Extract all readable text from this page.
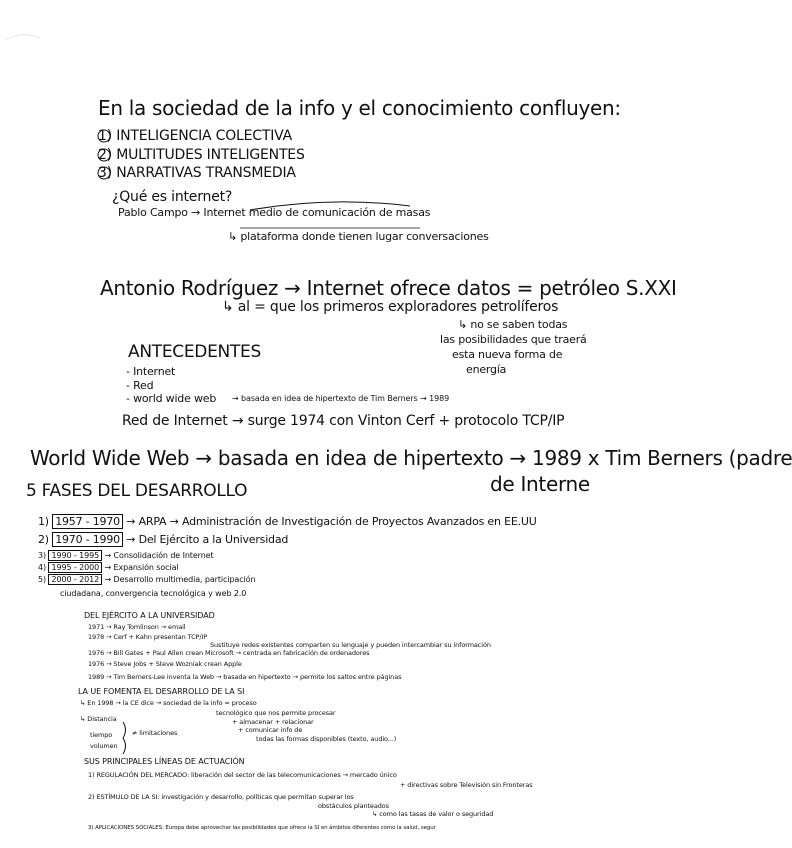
En la sociedad de la info y el conocimiento confluyen:
1) INTELIGENCIA COLECTIVA
2) MULTITUDES INTELIGENTES
3) NARRATIVAS TRANSMEDIA
¿Qué es internet?
Pablo Campo → Internet medio de comunicación de masas
↳ plataforma donde tienen lugar conversaciones
Antonio Rodríguez → Internet ofrece datos = petróleo S.XXI
↳ al = que los primeros exploradores petrolíferos
↳ no se saben todas
las posibilidades que traerá
esta nueva forma de
energía
ANTECEDENTES
- Internet
- Red
- world wide web → basada en idea de hipertexto de Tim Berners → 1989
Red de Internet → surge 1974 con Vinton Cerf + protocolo TCP/IP
World Wide Web → basada en idea de hipertexto → 1989 x Tim Berners (padre
de Interne
5 FASES DEL DESARROLLO
1) 1957 - 1970 → ARPA → Administración de Investigación de Proyectos Avanzados en EE.UU
2) 1970 - 1990 → Del Ejército a la Universidad
3) 1990 - 1995 → Consolidación de Internet
4) 1995 - 2000 → Expansión social
5) 2000 - 2012 → Desarrollo multimedia, participación
ciudadana, convergencia tecnológica y web 2.0
DEL EJÉRCITO A LA UNIVERSIDAD
1971 → Ray Tomlinson → email
1978 → Cerf + Kahn presentan TCP/IP
Sustituye redes existentes comparten su lenguaje y pueden intercambiar su información
1976 → Bill Gates + Paul Allen crean Microsoft → centrada en fabricación de ordenadores
1976 → Steve Jobs + Steve Wozniak crean Apple
1989 → Tim Berners-Lee inventa la Web → basada en hipertexto → permite los saltos entre páginas
LA UE FOMENTA EL DESARROLLO DE LA SI
↳ En 1998 → la CE dice → sociedad de la info = proceso
tecnológico que nos permite procesar
+ almacenar + relacionar
+ comunicar info de
todas las formas disponibles (texto, audio...)
↳ Distancia
tiempo
volumen
≠ limitaciones
SUS PRINCIPALES LÍNEAS DE ACTUACIÓN
1) REGULACIÓN DEL MERCADO: liberación del sector de las telecomunicaciones → mercado único
+ directivas sobre Televisión sin Fronteras
2) ESTÍMULO DE LA SI: investigación y desarrollo, políticas que permitan superar los
obstáculos planteados
↳ como las tasas de valor o seguridad
3) APLICACIONES SOCIALES: Europa debe aprovechar las posibilidades que ofrece la SI en ámbitos diferentes como la salud, segur
